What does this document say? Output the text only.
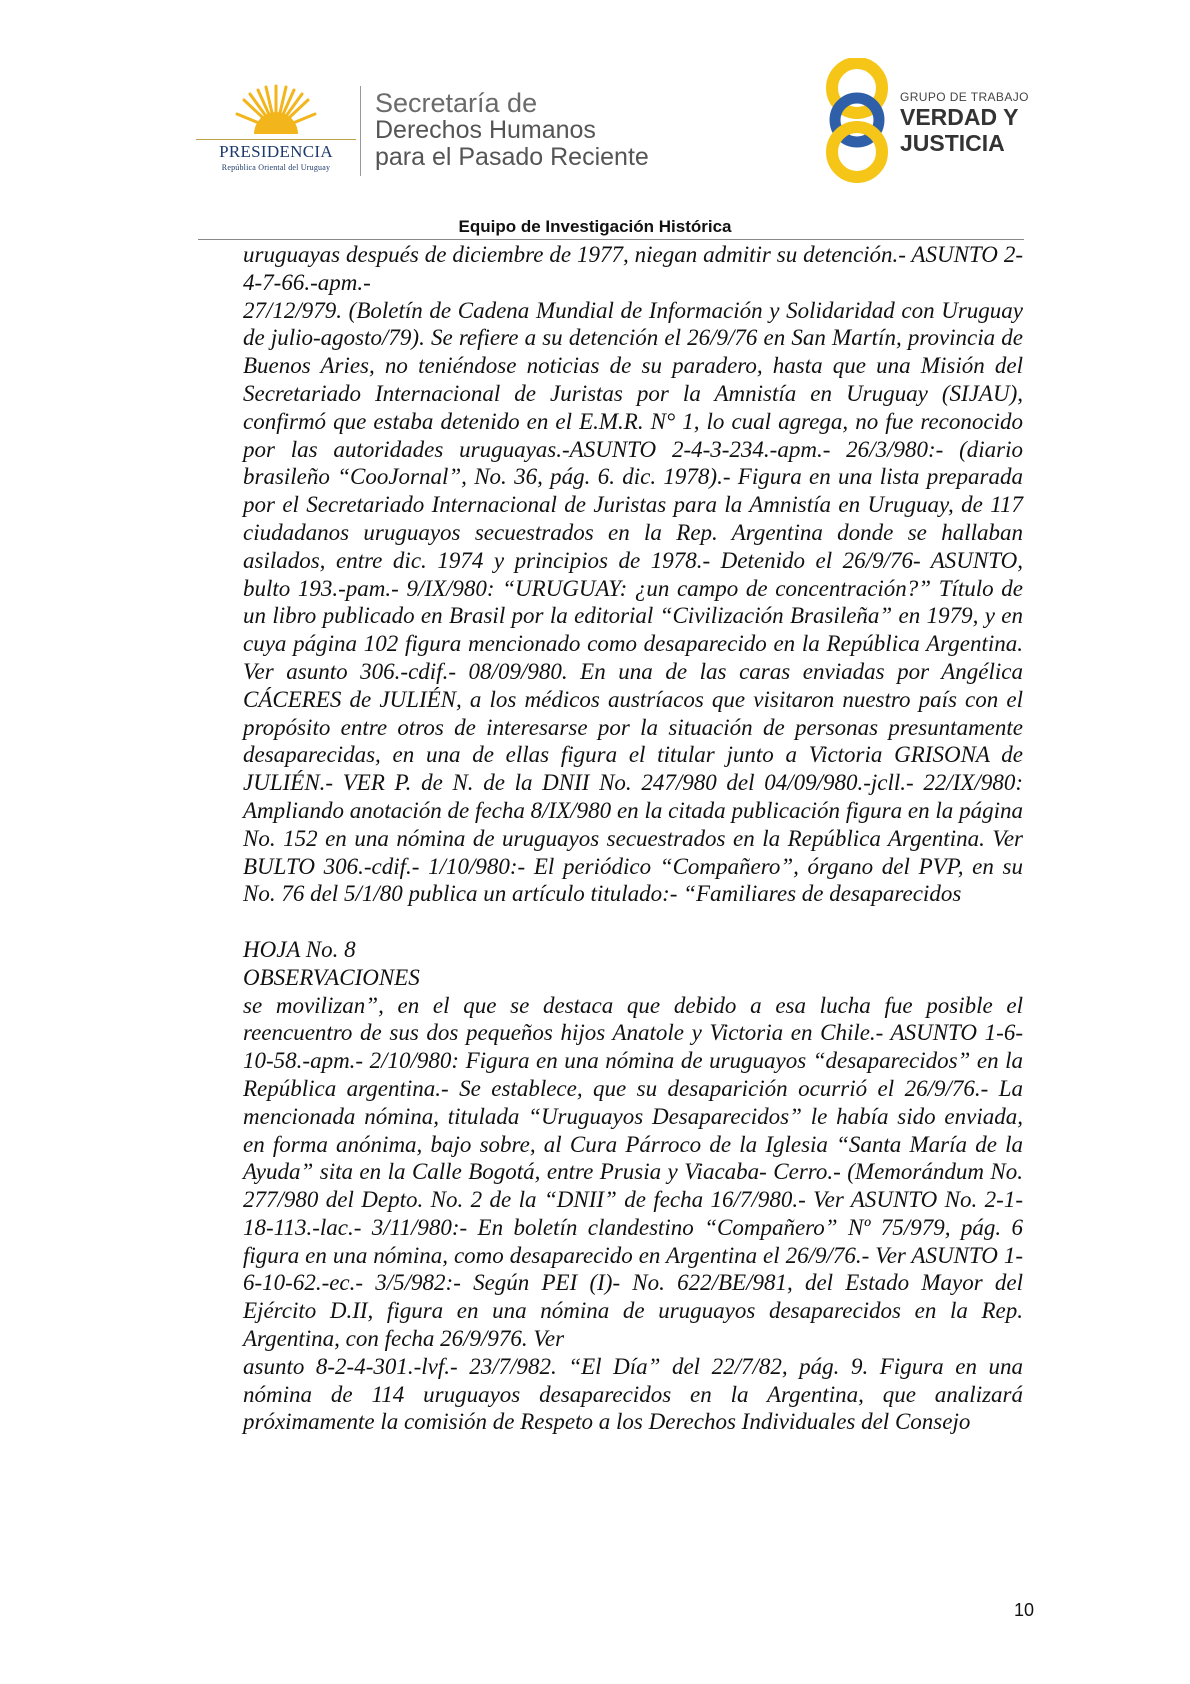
PRESIDENCIA
República Oriental del Uruguay
Secretaría de
Derechos Humanos
para el Pasado Reciente
GRUPO DE TRABAJO
VERDAD Y
JUSTICIA
Equipo de Investigación Histórica

uruguayas después de diciembre de 1977, niegan admitir su detención.- ASUNTO 2-4-7-66.-apm.-

27/12/979. (Boletín de Cadena Mundial de Información y Solidaridad con Uruguay de julio-agosto/79). Se refiere a su detención el 26/9/76 en San Martín, provincia de Buenos Aries, no teniéndose noticias de su paradero, hasta que una Misión del Secretariado Internacional de Juristas por la Amnistía en Uruguay (SIJAU), confirmó que estaba detenido en el E.M.R. N° 1, lo cual agrega, no fue reconocido por las autoridades uruguayas.-ASUNTO 2-4-3-234.-apm.- 26/3/980:- (diario brasileño “CooJornal”, No. 36, pág. 6. dic. 1978).- Figura en una lista preparada por el Secretariado Internacional de Juristas para la Amnistía en Uruguay, de 117 ciudadanos uruguayos secuestrados en la Rep. Argentina donde se hallaban asilados, entre dic. 1974 y principios de 1978.- Detenido el 26/9/76- ASUNTO, bulto 193.-pam.- 9/IX/980: “URUGUAY: ¿un campo de concentración?” Título de un libro publicado en Brasil por la editorial “Civilización Brasileña” en 1979, y en cuya página 102 figura mencionado como desaparecido en la República Argentina. Ver asunto 306.-cdif.- 08/09/980. En una de las caras enviadas por Angélica CÁCERES de JULIÉN, a los médicos austríacos que visitaron nuestro país con el propósito entre otros de interesarse por la situación de personas presuntamente desaparecidas, en una de ellas figura el titular junto a Victoria GRISONA de JULIÉN.- VER P. de N. de la DNII No. 247/980 del 04/09/980.-jcll.- 22/IX/980: Ampliando anotación de fecha 8/IX/980 en la citada publicación figura en la página No. 152 en una nómina de uruguayos secuestrados en la República Argentina. Ver BULTO 306.-cdif.- 1/10/980:- El periódico “Compañero”, órgano del PVP, en su No. 76 del 5/1/80 publica un artículo titulado:- “Familiares de desaparecidos

HOJA No. 8

OBSERVACIONES

se movilizan”, en el que se destaca que debido a esa lucha fue posible el reencuentro de sus dos pequeños hijos Anatole y Victoria en Chile.- ASUNTO 1-6-10-58.-apm.- 2/10/980: Figura en una nómina de uruguayos “desaparecidos” en la República argentina.- Se establece, que su desaparición ocurrió el 26/9/76.- La mencionada nómina, titulada “Uruguayos Desaparecidos” le había sido enviada, en forma anónima, bajo sobre, al Cura Párroco de la Iglesia “Santa María de la Ayuda” sita en la Calle Bogotá, entre Prusia y Viacaba- Cerro.- (Memorándum No. 277/980 del Depto. No. 2 de la “DNII” de fecha 16/7/980.- Ver ASUNTO No. 2-1-18-113.-lac.- 3/11/980:- En boletín clandestino “Compañero” Nº 75/979, pág. 6 figura en una nómina, como desaparecido en Argentina el 26/9/76.- Ver ASUNTO 1-6-10-62.-ec.- 3/5/982:- Según PEI (I)- No. 622/BE/981, del Estado Mayor del Ejército D.II, figura en una nómina de uruguayos desaparecidos en la Rep. Argentina, con fecha 26/9/976. Ver

asunto 8-2-4-301.-lvf.- 23/7/982. “El Día” del 22/7/82, pág. 9. Figura en una nómina de 114 uruguayos desaparecidos en la Argentina, que analizará próximamente la comisión de Respeto a los Derechos Individuales del Consejo

10
